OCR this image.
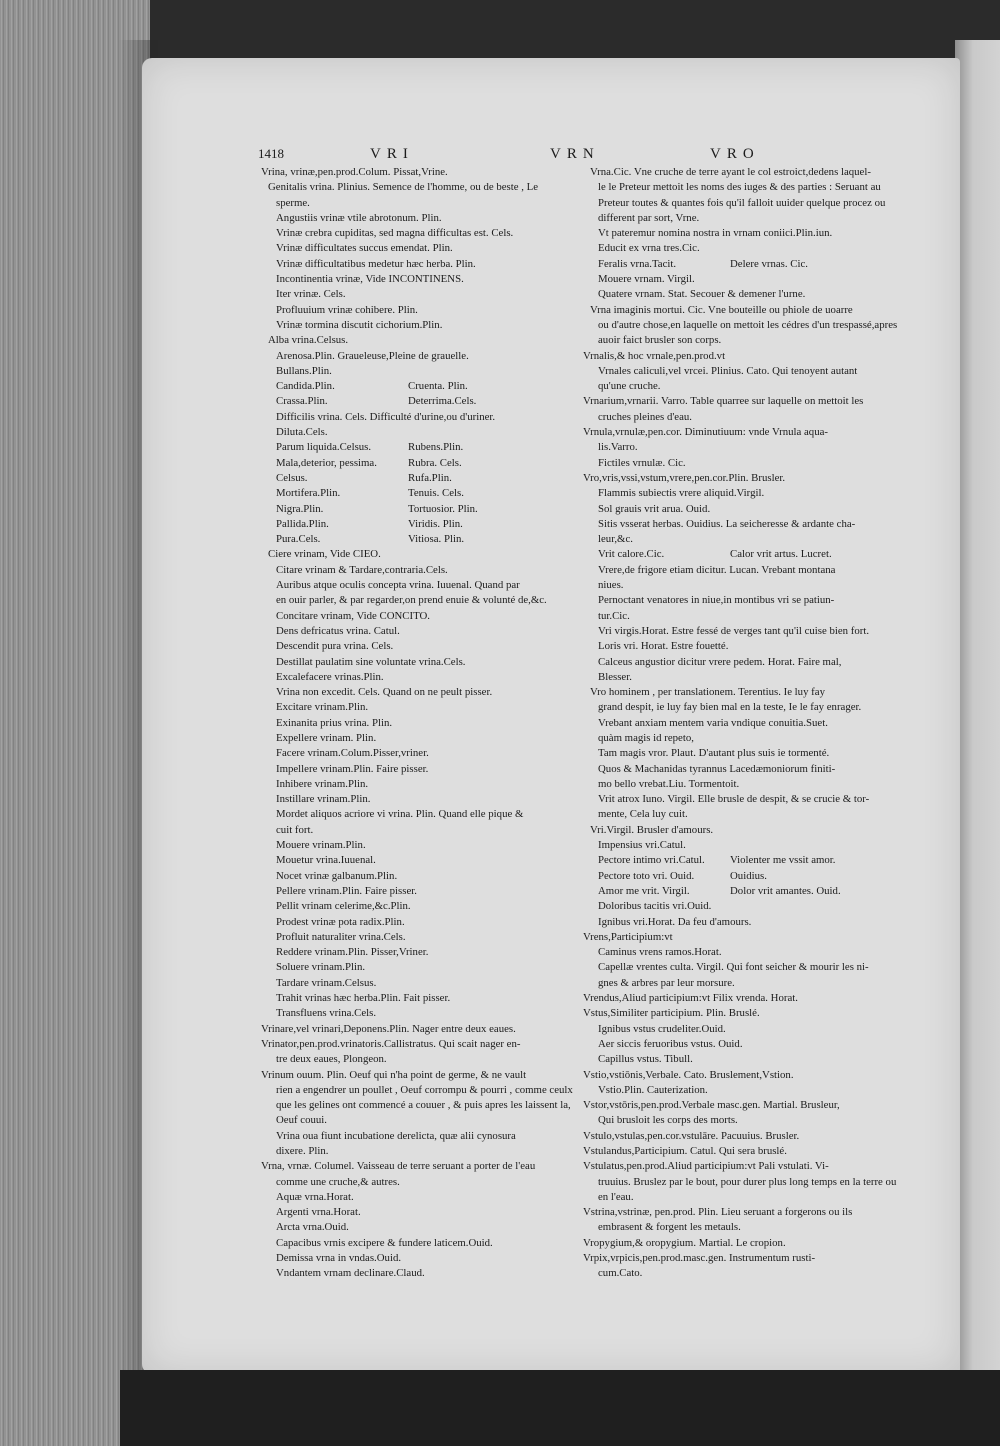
1418	VRI	VRN	VRO
Vrina, vrinæ,pen.prod.Colum. Pissat,Vrine.
Genitalis vrina. Plinius. Semence de l'homme, ou de beste , Le
sperme.
Angustiis vrinæ vtile abrotonum. Plin.
Vrinæ crebra cupiditas, sed magna difficultas est. Cels.
Vrinæ difficultates succus emendat. Plin.
Vrinæ difficultatibus medetur hæc herba. Plin.
Incontinentia vrinæ, Vide INCONTINENS.
Iter vrinæ. Cels.
Profluuium vrinæ cohibere. Plin.
Vrinæ tormina discutit cichorium.Plin.
Alba vrina.Celsus.
Arenosa.Plin. Graueleuse,Pleine de grauelle.
Bullans.Plin.
Candida.Plin.	Cruenta. Plin.
Crassa.Plin.	Deterrima.Cels.
Difficilis vrina. Cels. Difficulté d'urine,ou d'uriner.
Diluta.Cels.
Parum liquida.Celsus.	Rubens.Plin.
Mala,deterior, pessima.	Rubra. Cels.
Celsus.	Rufa.Plin.
Mortifera.Plin.	Tenuis. Cels.
Nigra.Plin.	Tortuosior. Plin.
Pallida.Plin.	Viridis. Plin.
Pura.Cels.	Vitiosa. Plin.
Ciere vrinam, Vide CIEO.
Citare vrinam & Tardare,contraria.Cels.
Auribus atque oculis concepta vrina. Iuuenal. Quand par
en ouir parler, & par regarder,on prend enuie & volunté de,&c.
Concitare vrinam, Vide CONCITO.
Dens defricatus vrina. Catul.
Descendit pura vrina. Cels.
Destillat paulatim sine voluntate vrina.Cels.
Excalefacere vrinas.Plin.
Vrina non excedit. Cels. Quand on ne peult pisser.
Excitare vrinam.Plin.
Exinanita prius vrina. Plin.
Expellere vrinam. Plin.
Facere vrinam.Colum.Pisser,vriner.
Impellere vrinam.Plin. Faire pisser.
Inhibere vrinam.Plin.
Instillare vrinam.Plin.
Mordet aliquos acriore vi vrina. Plin. Quand elle pique &
cuit fort.
Mouere vrinam.Plin.
Mouetur vrina.Iuuenal.
Nocet vrinæ galbanum.Plin.
Pellere vrinam.Plin. Faire pisser.
Pellit vrinam celerime,&c.Plin.
Prodest vrinæ pota radix.Plin.
Profluit naturaliter vrina.Cels.
Reddere vrinam.Plin. Pisser,Vriner.
Soluere vrinam.Plin.
Tardare vrinam.Celsus.
Trahit vrinas hæc herba.Plin. Fait pisser.
Transfluens vrina.Cels.
Vrinare,vel vrinari,Deponens.Plin. Nager entre deux eaues.
Vrinator,pen.prod.vrinatoris.Callistratus. Qui scait nager en-
tre deux eaues, Plongeon.
Vrinum ouum. Plin. Oeuf qui n'ha point de germe, & ne vault
rien a engendrer un poullet , Oeuf corrompu & pourri , comme ceulx
que les gelines ont commencé a couuer , & puis apres les laissent la,
Oeuf couui.
Vrina oua fiunt incubatione derelicta, quæ alii cynosura
dixere. Plin.
Vrna, vrnæ. Columel. Vaisseau de terre seruant a porter de l'eau
comme une cruche,& autres.
Aquæ vrna.Horat.
Argenti vrna.Horat.
Arcta vrna.Ouid.
Capacibus vrnis excipere & fundere laticem.Ouid.
Demissa vrna in vndas.Ouid.
Vndantem vrnam declinare.Claud.
Vrna.Cic. Vne cruche de terre ayant le col estroict,dedens laquel-
le le Preteur mettoit les noms des iuges & des parties : Seruant au
Preteur toutes & quantes fois qu'il falloit uuider quelque procez ou
different par sort, Vrne.
Vt pateremur nomina nostra in vrnam coniici.Plin.iun.
Educit ex vrna tres.Cic.
Feralis vrna.Tacit.	Delere vrnas. Cic.
Mouere vrnam. Virgil.
Quatere vrnam. Stat. Secouer & demener l'urne.
Vrna imaginis mortui. Cic. Vne bouteille ou phiole de uoarre
ou d'autre chose,en laquelle on mettoit les cédres d'un trespassé,apres
auoir faict brusler son corps.
Vrnalis,& hoc vrnale,pen.prod.vt
Vrnales caliculi,vel vrcei. Plinius. Cato. Qui tenoyent autant
qu'une cruche.
Vrnarium,vrnarii. Varro. Table quarree sur laquelle on mettoit les
cruches pleines d'eau.
Vrnula,vrnulæ,pen.cor. Diminutiuum: vnde Vrnula aqua-
lis.Varro.
Fictiles vrnulæ. Cic.
Vro,vris,vssi,vstum,vrere,pen.cor.Plin. Brusler.
Flammis subiectis vrere aliquid.Virgil.
Sol grauis vrit arua. Ouid.
Sitis vsserat herbas. Ouidius. La seicheresse & ardante cha-
leur,&c.
Vrit calore.Cic.	Calor vrit artus. Lucret.
Vrere,de frigore etiam dicitur. Lucan. Vrebant montana
niues.
Pernoctant venatores in niue,in montibus vri se patiun-
tur.Cic.
Vri virgis.Horat. Estre fessé de verges tant qu'il cuise bien fort.
Loris vri. Horat. Estre fouetté.
Calceus angustior dicitur vrere pedem. Horat. Faire mal,
Blesser.
Vro hominem , per translationem. Terentius. Ie luy fay
grand despit, ie luy fay bien mal en la teste, Ie le fay enrager.
Vrebant anxiam mentem varia vndique conuitia.Suet.
quàm magis id repeto,
Tam magis vror. Plaut. D'autant plus suis ie tormenté.
Quos & Machanidas tyrannus Lacedæmoniorum finiti-
mo bello vrebat.Liu. Tormentoit.
Vrit atrox Iuno. Virgil. Elle brusle de despit, & se crucie & tor-
mente, Cela luy cuit.
Vri.Virgil. Brusler d'amours.
Impensius vri.Catul.
Pectore intimo vri.Catul. Violenter me vssit amor.
Pectore toto vri. Ouid.	Ouidius.
Amor me vrit. Virgil.	Dolor vrit amantes. Ouid.
Doloribus tacitis vri.Ouid.
Ignibus vri.Horat. Da feu d'amours.
Vrens,Participium:vt
Caminus vrens ramos.Horat.
Capellæ vrentes culta. Virgil. Qui font seicher & mourir les ni-
gnes & arbres par leur morsure.
Vrendus,Aliud participium:vt Filix vrenda. Horat.
Vstus,Similiter participium. Plin. Bruslé.
Ignibus vstus crudeliter.Ouid.
Aer siccis feruoribus vstus. Ouid.
Capillus vstus. Tibull.
Vstio,vstiōnis,Verbale. Cato. Bruslement,Vstion.
Vstio.Plin. Cauterization.
Vstor,vstōris,pen.prod.Verbale masc.gen. Martial. Brusleur,
Qui brusloit les corps des morts.
Vstulo,vstulas,pen.cor.vstulāre. Pacuuius. Brusler.
Vstulandus,Participium. Catul. Qui sera bruslé.
Vstulatus,pen.prod.Aliud participium:vt Pali vstulati. Vi-
truuius. Bruslez par le bout, pour durer plus long temps en la terre ou
en l'eau.
Vstrina,vstrinæ, pen.prod. Plin. Lieu seruant a forgerons ou ils
embrasent & forgent les metauls.
Vropygium,& oropygium. Martial. Le cropion.
Vrpix,vrpicis,pen.prod.masc.gen. Instrumentum rusti-
cum.Cato.
